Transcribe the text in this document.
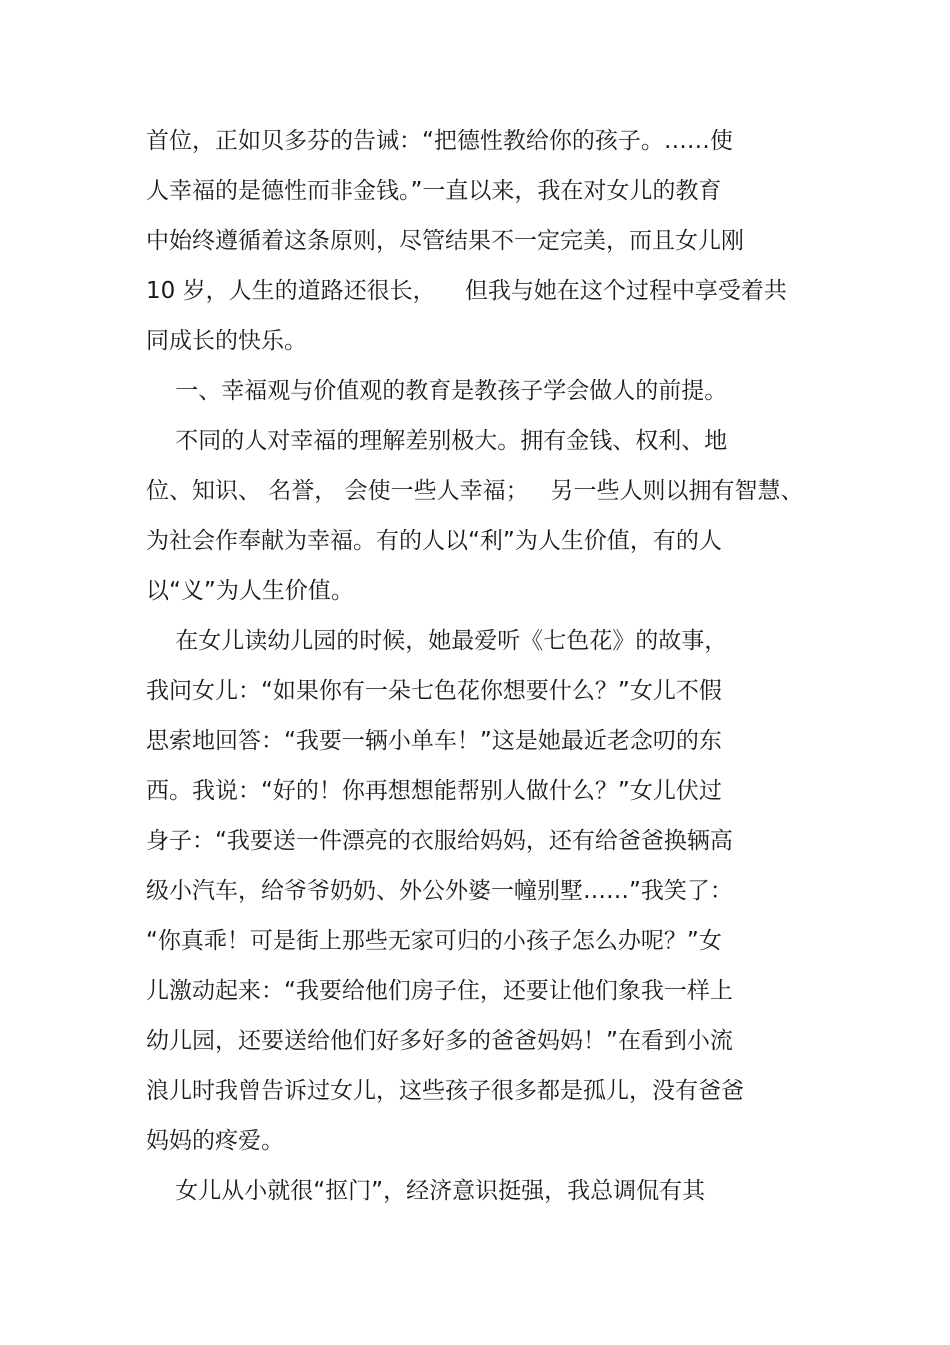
首位，正如贝多芬的告诫：“把德性教给你的孩子。……使
人幸福的是德性而非金钱。”一直以来，我在对女儿的教育
中始终遵循着这条原则，尽管结果不一定完美，而且女儿刚
10 岁，人生的道路还很长，    但我与她在这个过程中享受着共
同成长的快乐。
一、幸福观与价值观的教育是教孩子学会做人的前提。
不同的人对幸福的理解差别极大。拥有金钱、权利、地
位、知识、 名誉， 会使一些人幸福；   另一些人则以拥有智慧、
为社会作奉献为幸福。有的人以“利”为人生价值，有的人
以“义”为人生价值。
在女儿读幼儿园的时候，她最爱听《七色花》的故事，
我问女儿：“如果你有一朵七色花你想要什么？”女儿不假
思索地回答：“我要一辆小单车！”这是她最近老念叨的东
西。我说：“好的！你再想想能帮别人做什么？”女儿伏过
身子：“我要送一件漂亮的衣服给妈妈，还有给爸爸换辆高
级小汽车，给爷爷奶奶、外公外婆一幢别墅……”我笑了：
“你真乖！可是街上那些无家可归的小孩子怎么办呢？”女
儿激动起来：“我要给他们房子住，还要让他们象我一样上
幼儿园，还要送给他们好多好多的爸爸妈妈！”在看到小流
浪儿时我曾告诉过女儿，这些孩子很多都是孤儿，没有爸爸
妈妈的疼爱。
女儿从小就很“抠门”，经济意识挺强，我总调侃有其
